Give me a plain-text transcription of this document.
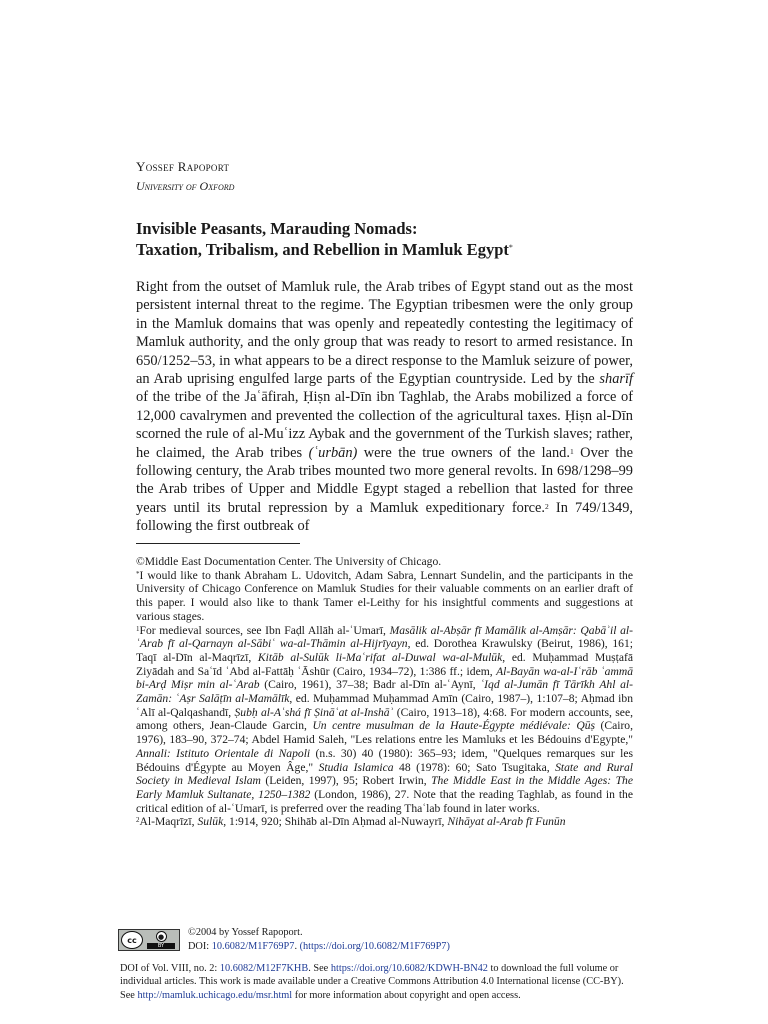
Yossef Rapoport
University of Oxford
Invisible Peasants, Marauding Nomads:
Taxation, Tribalism, and Rebellion in Mamluk Egypt*

Right from the outset of Mamluk rule, the Arab tribes of Egypt stand out as the most persistent internal threat to the regime. The Egyptian tribesmen were the only group in the Mamluk domains that was openly and repeatedly contesting the legitimacy of Mamluk authority, and the only group that was ready to resort to armed resistance. In 650/1252–53, in what appears to be a direct response to the Mamluk seizure of power, an Arab uprising engulfed large parts of the Egyptian countryside. Led by the sharīf of the tribe of the Jaʿāfirah, Ḥiṣn al-Dīn ibn Taghlab, the Arabs mobilized a force of 12,000 cavalrymen and prevented the collection of the agricultural taxes. Ḥiṣn al-Dīn scorned the rule of al-Muʿizz Aybak and the government of the Turkish slaves; rather, he claimed, the Arab tribes (ʿurbān) were the true owners of the land.$^1$ Over the following century, the Arab tribes mounted two more general revolts. In 698/1298–99 the Arab tribes of Upper and Middle Egypt staged a rebellion that lasted for three years until its brutal repression by a Mamluk expeditionary force.$^2$ In 749/1349, following the first outbreak of

©Middle East Documentation Center. The University of Chicago.

*I would like to thank Abraham L. Udovitch, Adam Sabra, Lennart Sundelin, and the participants in the University of Chicago Conference on Mamluk Studies for their valuable comments on an earlier draft of this paper. I would also like to thank Tamer el-Leithy for his insightful comments and suggestions at various stages.

$^1$For medieval sources, see Ibn Faḍl Allāh al-ʿUmarī, Masālik al-Abṣār fī Mamālik al-Amṣār: Qabāʾil al-ʿArab fī al-Qarnayn al-Sābiʿ wa-al-Thāmin al-Hijrīyayn, ed. Dorothea Krawulsky (Beirut, 1986), 161; Taqī al-Dīn al-Maqrīzī, Kitāb al-Sulūk li-Maʿrifat al-Duwal wa-al-Mulūk, ed. Muḥammad Muṣṭafā Ziyādah and Saʿīd ʿAbd al-Fattāḥ ʿĀshūr (Cairo, 1934–72), 1:386 ff.; idem, Al-Bayān wa-al-Iʿrāb ʿammā bi-Arḍ Miṣr min al-ʿArab (Cairo, 1961), 37–38; Badr al-Dīn al-ʿAynī, ʿIqd al-Jumān fī Tārīkh Ahl al-Zamān: ʿAṣr Salāṭīn al-Mamālīk, ed. Muḥammad Muḥammad Amīn (Cairo, 1987–), 1:107–8; Aḥmad ibn ʿAlī al-Qalqashandī, Ṣubḥ al-Aʿshá fī Ṣināʿat al-Inshāʾ (Cairo, 1913–18), 4:68. For modern accounts, see, among others, Jean-Claude Garcin, Un centre musulman de la Haute-Égypte médiévale: Qūṣ (Cairo, 1976), 183–90, 372–74; Abdel Hamid Saleh, "Les relations entre les Mamluks et les Bédouins d'Egypte," Annali: Istituto Orientale di Napoli (n.s. 30) 40 (1980): 365–93; idem, "Quelques remarques sur les Bédouins d'Égypte au Moyen Âge," Studia Islamica 48 (1978): 60; Sato Tsugitaka, State and Rural Society in Medieval Islam (Leiden, 1997), 95; Robert Irwin, The Middle East in the Middle Ages: The Early Mamluk Sultanate, 1250–1382 (London, 1986), 27. Note that the reading Taghlab, as found in the critical edition of al-ʿUmarī, is preferred over the reading Thaʿlab found in later works.

$^2$Al-Maqrīzī, Sulūk, 1:914, 920; Shihāb al-Dīn Aḥmad al-Nuwayrī, Nihāyat al-Arab fī Funūn

cc	●
BY
©2004 by Yossef Rapoport.
DOI: 10.6082/M1F769P7. (https://doi.org/10.6082/M1F769P7)

DOI of Vol. VIII, no. 2: 10.6082/M12F7KHB. See https://doi.org/10.6082/KDWH-BN42 to download the full volume or individual articles. This work is made available under a Creative Commons Attribution 4.0 International license (CC-BY). See http://mamluk.uchicago.edu/msr.html for more information about copyright and open access.
